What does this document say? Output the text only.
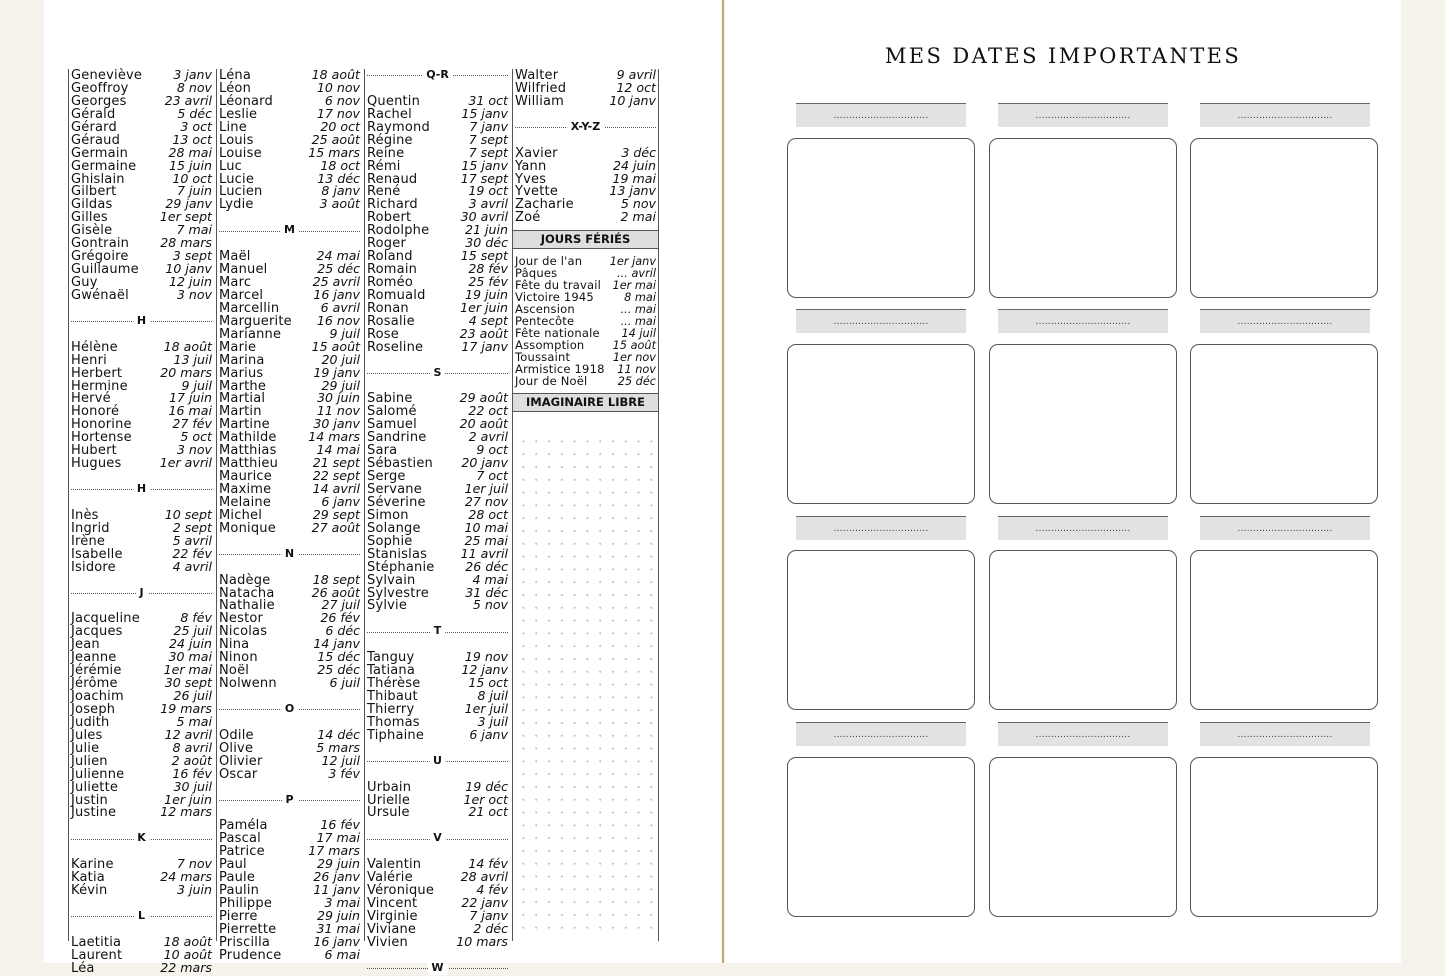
MES DATES IMPORTANTES
Geneviève 3 janv
Geoffroy	8 nov
Georges	23 avril
Gérald	5 déc
Gérard	3 oct
Géraud	13 oct
Germain	28 mai
Germaine	15 juin
Ghislain	10 oct
Gilbert	7 juin
Gildas	29 janv
Gilles	1er sept
Gisèle	7 mai
Gontrain 28 mars
Grégoire	3 sept
Guillaume 10 janv
Guy	12 juin
Gwénaël	3 nov
H
Hélène	18 août
Henri	13 juil
Herbert	20 mars
Hermine	9 juil
Hervé	17 juin
Honoré	16 mai
Honorine	27 fév
Hortense	5 oct
Hubert	3 nov
Hugues	1er avril
H
Inès	10 sept
Ingrid	2 sept
Irène	5 avril
Isabelle	22 fév
Isidore	4 avril
J
Jacqueline	8 fév
Jacques	25 juil
Jean	24 juin
Jeanne	30 mai
Jérémie	1er mai
Jérôme	30 sept
Joachim	26 juil
Joseph	19 mars
Judith	5 mai
Jules	12 avril
Julie	8 avril
Julien	2 août
Julienne	16 fév
Juliette	30 juil
Justin	1er juin
Justine	12 mars
K
Karine	7 nov
Katia	24 mars
Kévin	3 juin
L
Laetitia	18 août
Laurent	10 août
Léa	22 mars
Léna	18 août
Léon	10 nov
Léonard	6 nov
Leslie	17 nov
Line	20 oct
Louis	25 août
Louise	15 mars
Luc	18 oct
Lucie	13 déc
Lucien	8 janv
Lydie	3 août
M
Maël	24 mai
Manuel	25 déc
Marc	25 avril
Marcel	16 janv
Marcellin	6 avril
Marguerite 16 nov
Marianne	9 juil
Marie	15 août
Marina	20 juil
Marius	19 janv
Marthe	29 juil
Martial	30 juin
Martin	11 nov
Martine	30 janv
Mathilde	14 mars
Matthias	14 mai
Matthieu	21 sept
Maurice	22 sept
Maxime	14 avril
Melaine	6 janv
Michel	29 sept
Monique	27 août
N
Nadège	18 sept
Natacha	26 août
Nathalie	27 juil
Nestor	26 fév
Nicolas	6 déc
Nina	14 janv
Ninon	15 déc
Noël	25 déc
Nolwenn	6 juil
O
Odile	14 déc
Olive	5 mars
Olivier	12 juil
Oscar	3 fév
P
Paméla	16 fév
Pascal	17 mai
Patrice	17 mars
Paul	29 juin
Paule	26 janv
Paulin	11 janv
Philippe	3 mai
Pierre	29 juin
Pierrette	31 mai
Priscilla	16 janv
Prudence	6 mai
Q-R
Quentin	31 oct
Rachel	15 janv
Raymond	7 janv
Régine	7 sept
Reine	7 sept
Rémi	15 janv
Renaud	17 sept
René	19 oct
Richard	3 avril
Robert	30 avril
Rodolphe	21 juin
Roger	30 déc
Roland	15 sept
Romain	28 fév
Roméo	25 fév
Romuald	19 juin
Ronan	1er juin
Rosalie	4 sept
Rose	23 août
Roseline	17 janv
S
Sabine	29 août
Salomé	22 oct
Samuel	20 août
Sandrine	2 avril
Sara	9 oct
Sébastien 20 janv
Serge	7 oct
Servane	1er juil
Séverine	27 nov
Simon	28 oct
Solange	10 mai
Sophie	25 mai
Stanislas	11 avril
Stéphanie 26 déc
Sylvain	4 mai
Sylvestre	31 déc
Sylvie	5 nov
T
Tanguy	19 nov
Tatiana	12 janv
Thérèse	15 oct
Thibaut	8 juil
Thierry	1er juil
Thomas	3 juil
Tiphaine	6 janv
U
Urbain	19 déc
Urielle	1er oct
Ursule	21 oct
V
Valentin	14 fév
Valérie	28 avril
Véronique	4 fév
Vincent	22 janv
Virginie	7 janv
Viviane	2 déc
Vivien	10 mars
W
Walter	9 avril
Wilfried	12 oct
William	10 janv
X-Y-Z
Xavier	3 déc
Yann	24 juin
Yves	19 mai
Yvette	13 janv
Zacharie	5 nov
Zoé	2 mai
JOURS FÉRIÉS
Jour de l'an 1er janv
Pâques	... avril
Fête du travail 1er mai
Victoire 1945	8 mai
Ascension	... mai
Pentecôte	... mai
Fête nationale 14 juil
Assomption 15 août
Toussaint	1er nov
Armistice 1918 11 nov
Jour de Noël	25 déc
IMAGINAIRE LIBRE
...............................	...............................	...............................
...............................	...............................	...............................
...............................	...............................	...............................
...............................	...............................	...............................
